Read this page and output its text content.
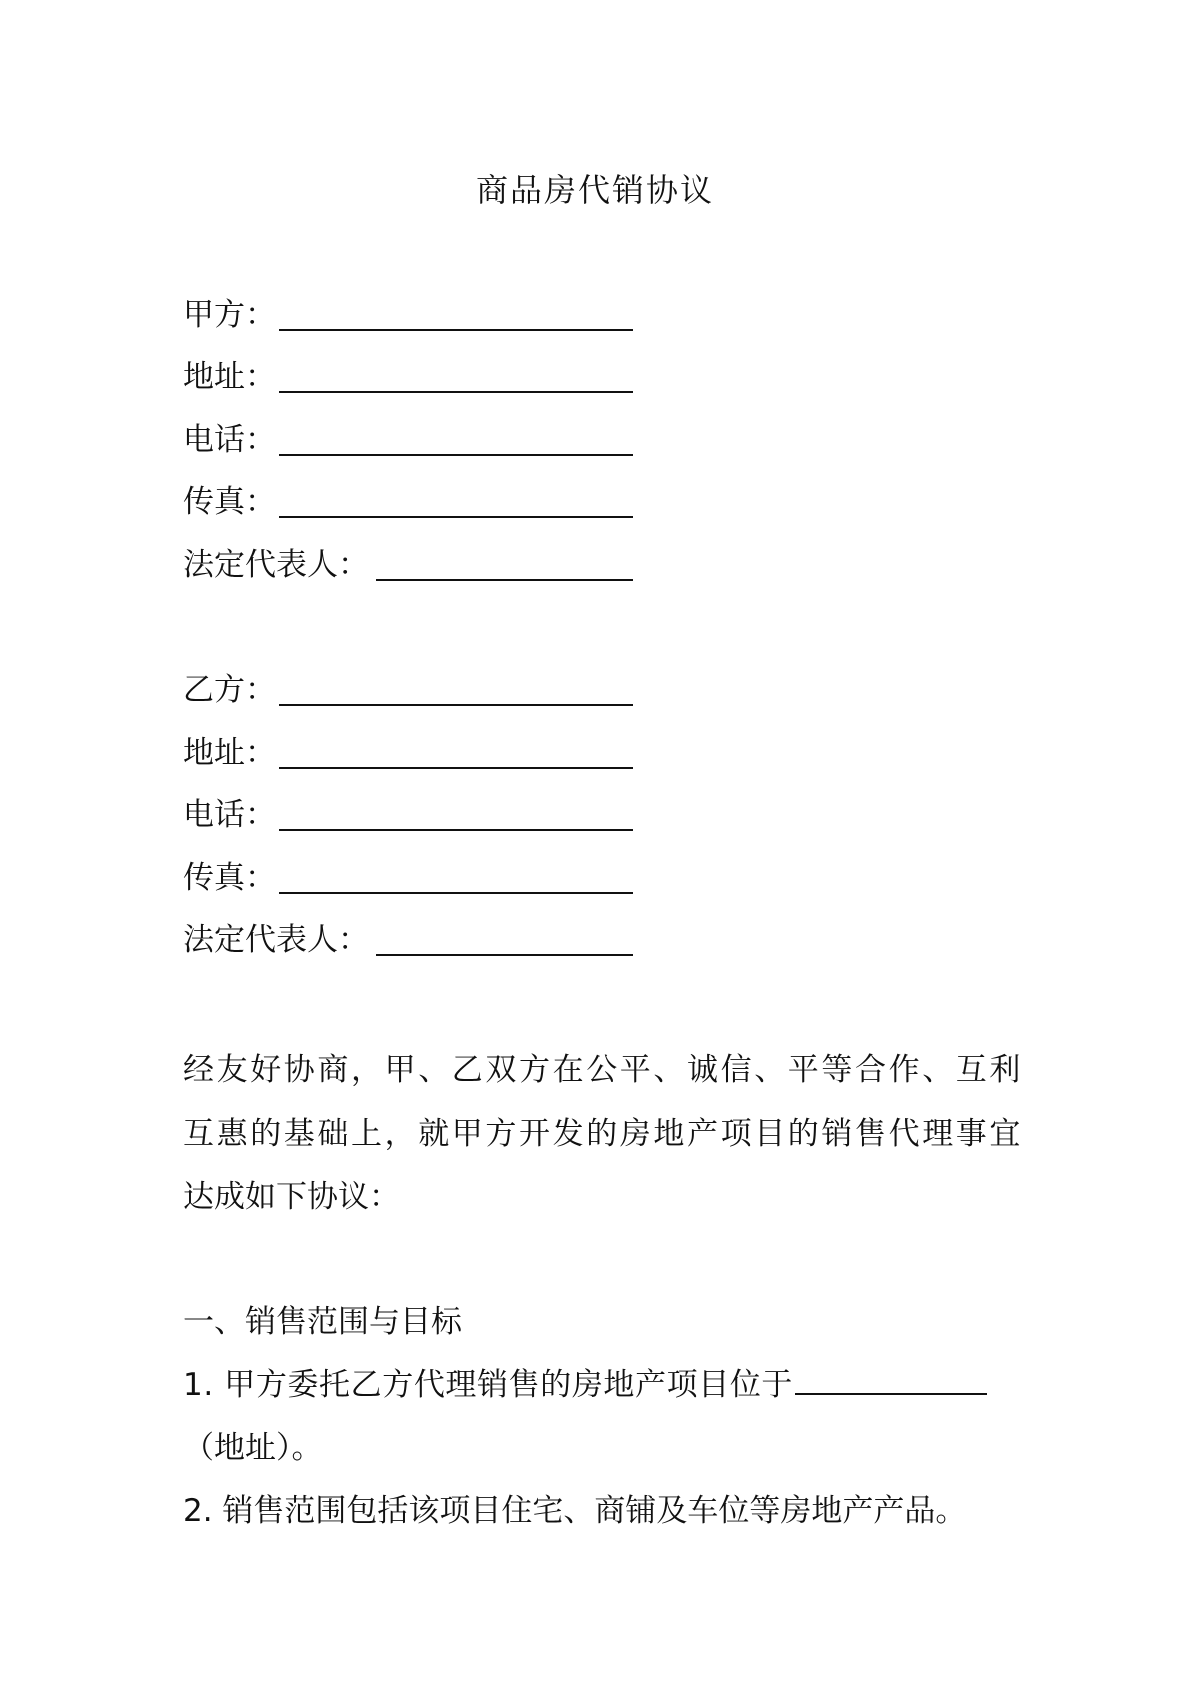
商品房代销协议
甲方：
地址：
电话：
传真：
法定代表人：
乙方：
地址：
电话：
传真：
法定代表人：
经友好协商，甲、乙双方在公平、诚信、平等合作、互利
互惠的基础上，就甲方开发的房地产项目的销售代理事宜
达成如下协议：
一、销售范围与目标
1. 甲方委托乙方代理销售的房地产项目位于
（地址）。
2. 销售范围包括该项目住宅、商铺及车位等房地产产品。
